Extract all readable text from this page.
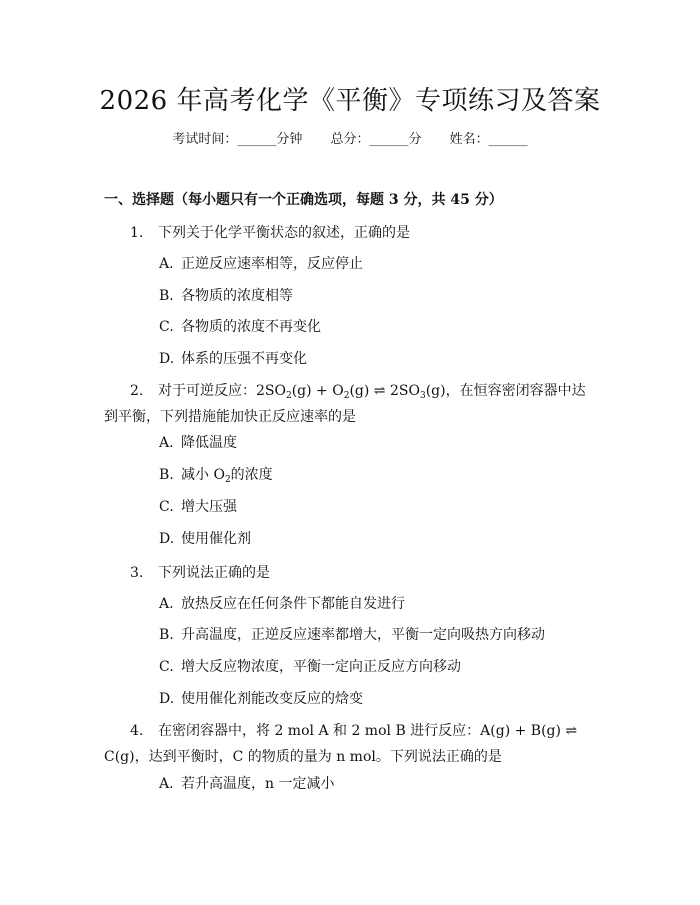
2026 年高考化学《平衡》专项练习及答案
考试时间：______分钟 总分：______分 姓名：______
一、选择题（每小题只有一个正确选项，每题 3 分，共 45 分）
1. 下列关于化学平衡状态的叙述，正确的是
A. 正逆反应速率相等，反应停止
B. 各物质的浓度相等
C. 各物质的浓度不再变化
D. 体系的压强不再变化
2. 对于可逆反应：$2SO_2(g) + O_2(g)$ ⇌ $2SO_3(g)$，在恒容密闭容器中达到平衡，下列措施能加快正反应速率的是
A. 降低温度
B. 减小 $O_2$的浓度
C. 增大压强
D. 使用催化剂
3. 下列说法正确的是
A. 放热反应在任何条件下都能自发进行
B. 升高温度，正逆反应速率都增大，平衡一定向吸热方向移动
C. 增大反应物浓度，平衡一定向正反应方向移动
D. 使用催化剂能改变反应的焓变
4. 在密闭容器中，将 2 mol A 和 2 mol B 进行反应：A(g) + B(g) ⇌ C(g)，达到平衡时，C 的物质的量为 n mol。下列说法正确的是
A. 若升高温度，n 一定减小
